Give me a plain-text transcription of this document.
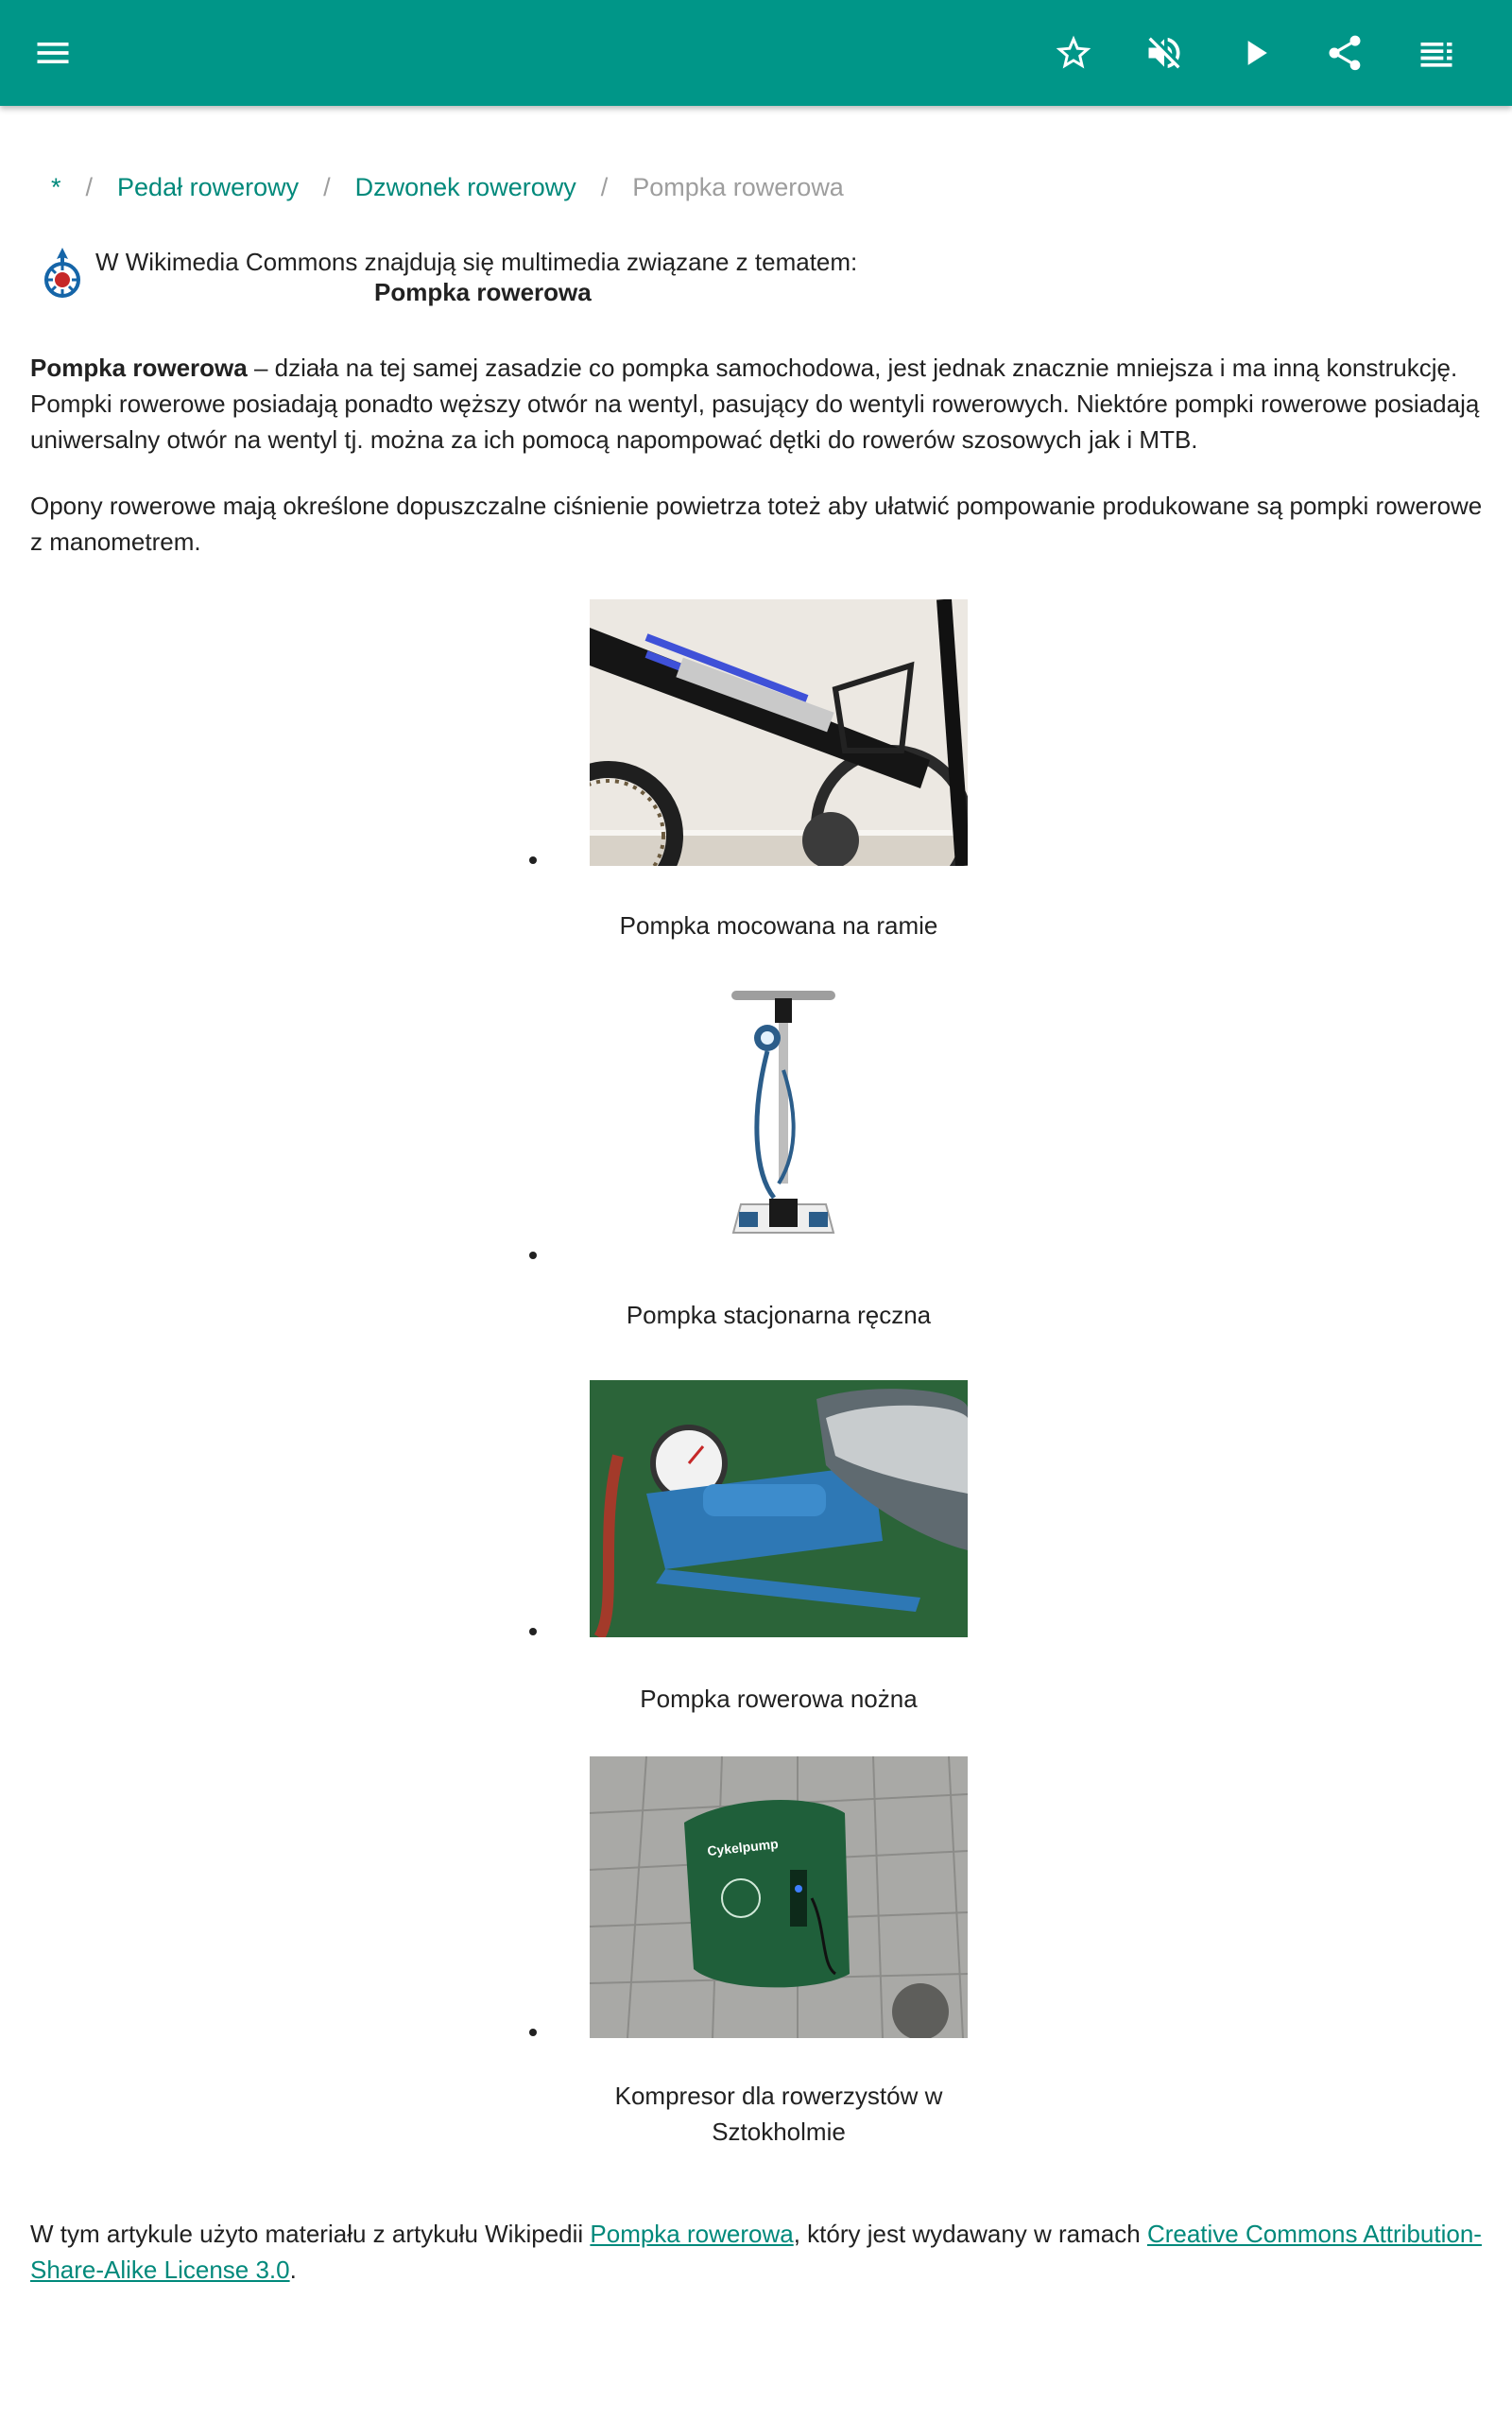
* / Pedał rowerowy / Dzwonek rowerowy / Pompka rowerowa
W Wikimedia Commons znajdują się multimedia związane z tematem:
Pompka rowerowa

Pompka rowerowa – działa na tej samej zasadzie co pompka samochodowa, jest jednak znacznie mniejsza i ma inną konstrukcję. Pompki rowerowe posiadają ponadto węższy otwór na wentyl, pasujący do wentyli rowerowych. Niektóre pompki rowerowe posiadają uniwersalny otwór na wentyl tj. można za ich pomocą napompować dętki do rowerów szosowych jak i MTB.

Opony rowerowe mają określone dopuszczalne ciśnienie powietrza toteż aby ułatwić pompowanie produkowane są pompki rowerowe z manometrem.

Pompka mocowana na ramie
Pompka stacjonarna ręczna
Pompka rowerowa nożna
Cykelpump
Kompresor dla rowerzystów w Sztokholmie

W tym artykule użyto materiału z artykułu Wikipedii Pompka rowerowa, który jest wydawany w ramach Creative Commons Attribution-Share-Alike License 3.0.
